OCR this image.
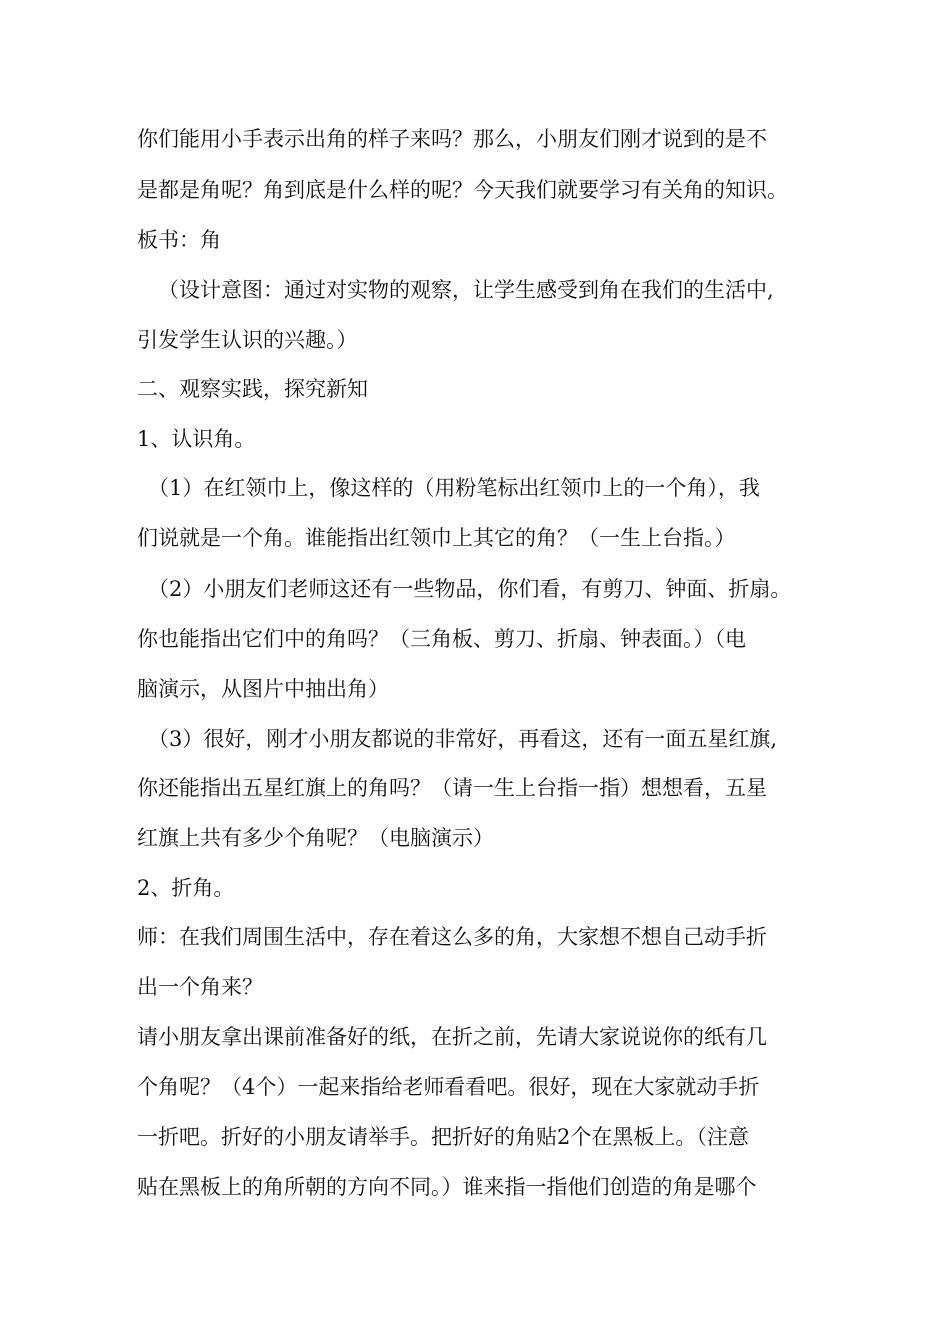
你们能用小手表示出角的样子来吗？那么，小朋友们刚才说到的是不
是都是角呢？角到底是什么样的呢？今天我们就要学习有关角的知识。
板书：角
（设计意图：通过对实物的观察，让学生感受到角在我们的生活中,
引发学生认识的兴趣。）
二、观察实践，探究新知
1、认识角。
（1）在红领巾上，像这样的（用粉笔标出红领巾上的一个角），我
们说就是一个角。谁能指出红领巾上其它的角？（一生上台指。）
（2）小朋友们老师这还有一些物品，你们看，有剪刀、钟面、折扇。
你也能指出它们中的角吗？（三角板、剪刀、折扇、钟表面。）（电
脑演示，从图片中抽出角）
（3）很好，刚才小朋友都说的非常好，再看这，还有一面五星红旗,
你还能指出五星红旗上的角吗？（请一生上台指一指）想想看，五星
红旗上共有多少个角呢？（电脑演示）
2、折角。
师：在我们周围生活中，存在着这么多的角，大家想不想自己动手折
出一个角来？
请小朋友拿出课前准备好的纸，在折之前，先请大家说说你的纸有几
个角呢？（4个）一起来指给老师看看吧。很好，现在大家就动手折
一折吧。折好的小朋友请举手。把折好的角贴2个在黑板上。（注意
贴在黑板上的角所朝的方向不同。）谁来指一指他们创造的角是哪个
